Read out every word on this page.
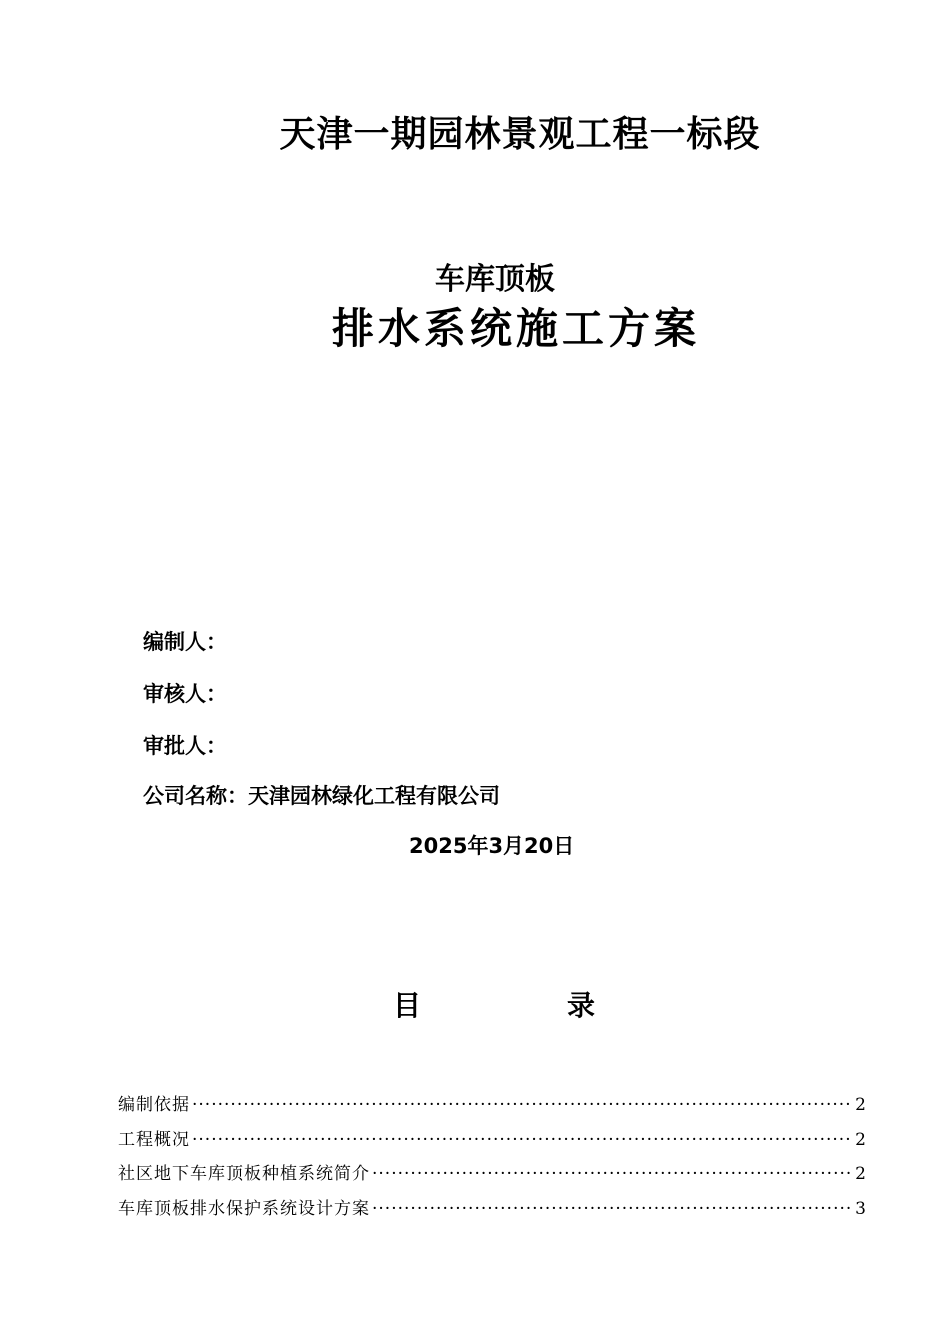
天津一期园林景观工程一标段
车库顶板
排水系统施工方案
编制人：
审核人：
审批人：
公司名称：天津园林绿化工程有限公司
2025年3月20日
目	录
编制依据 ·····	2
工程概况 ·····	2
社区地下车库顶板种植系统简介 ·····	2
车库顶板排水保护系统设计方案 ·····	3
